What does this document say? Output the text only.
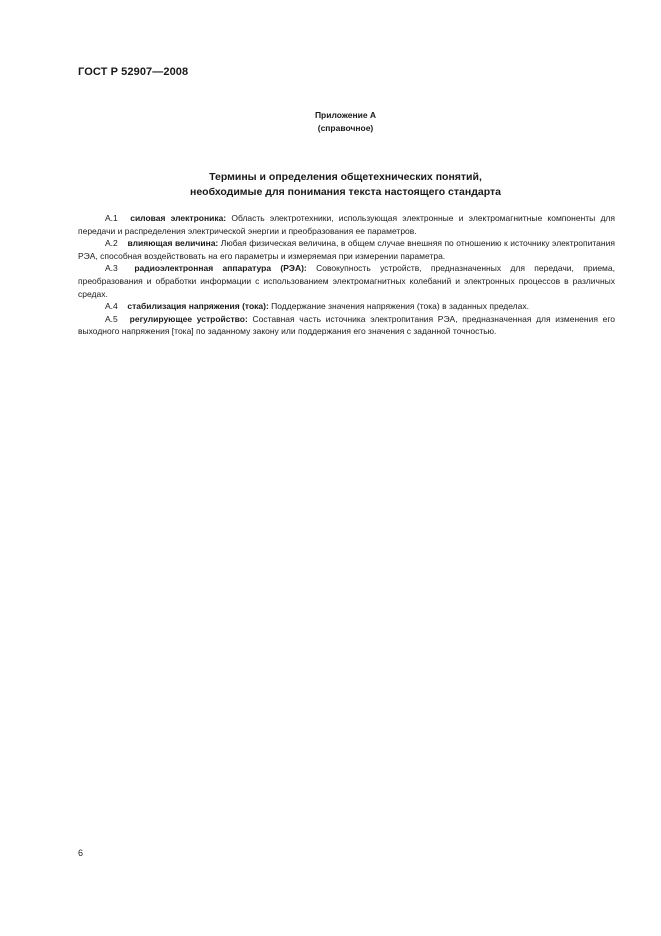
ГОСТ Р 52907—2008
Приложение А
(справочное)
Термины и определения общетехнических понятий,
необходимые для понимания текста настоящего стандарта

А.1 силовая электроника: Область электротехники, использующая электронные и электромагнитные компоненты для передачи и распределения электрической энергии и преобразования ее параметров.

А.2 влияющая величина: Любая физическая величина, в общем случае внешняя по отношению к источнику электропитания РЭА, способная воздействовать на его параметры и измеряемая при измерении параметра.

А.3 радиоэлектронная аппаратура (РЭА): Совокупность устройств, предназначенных для передачи, приема, преобразования и обработки информации с использованием электромагнитных колебаний и электронных процессов в различных средах.

А.4 стабилизация напряжения (тока): Поддержание значения напряжения (тока) в заданных пределах.

А.5 регулирующее устройство: Составная часть источника электропитания РЭА, предназначенная для изменения его выходного напряжения [тока] по заданному закону или поддержания его значения с заданной точностью.

6
